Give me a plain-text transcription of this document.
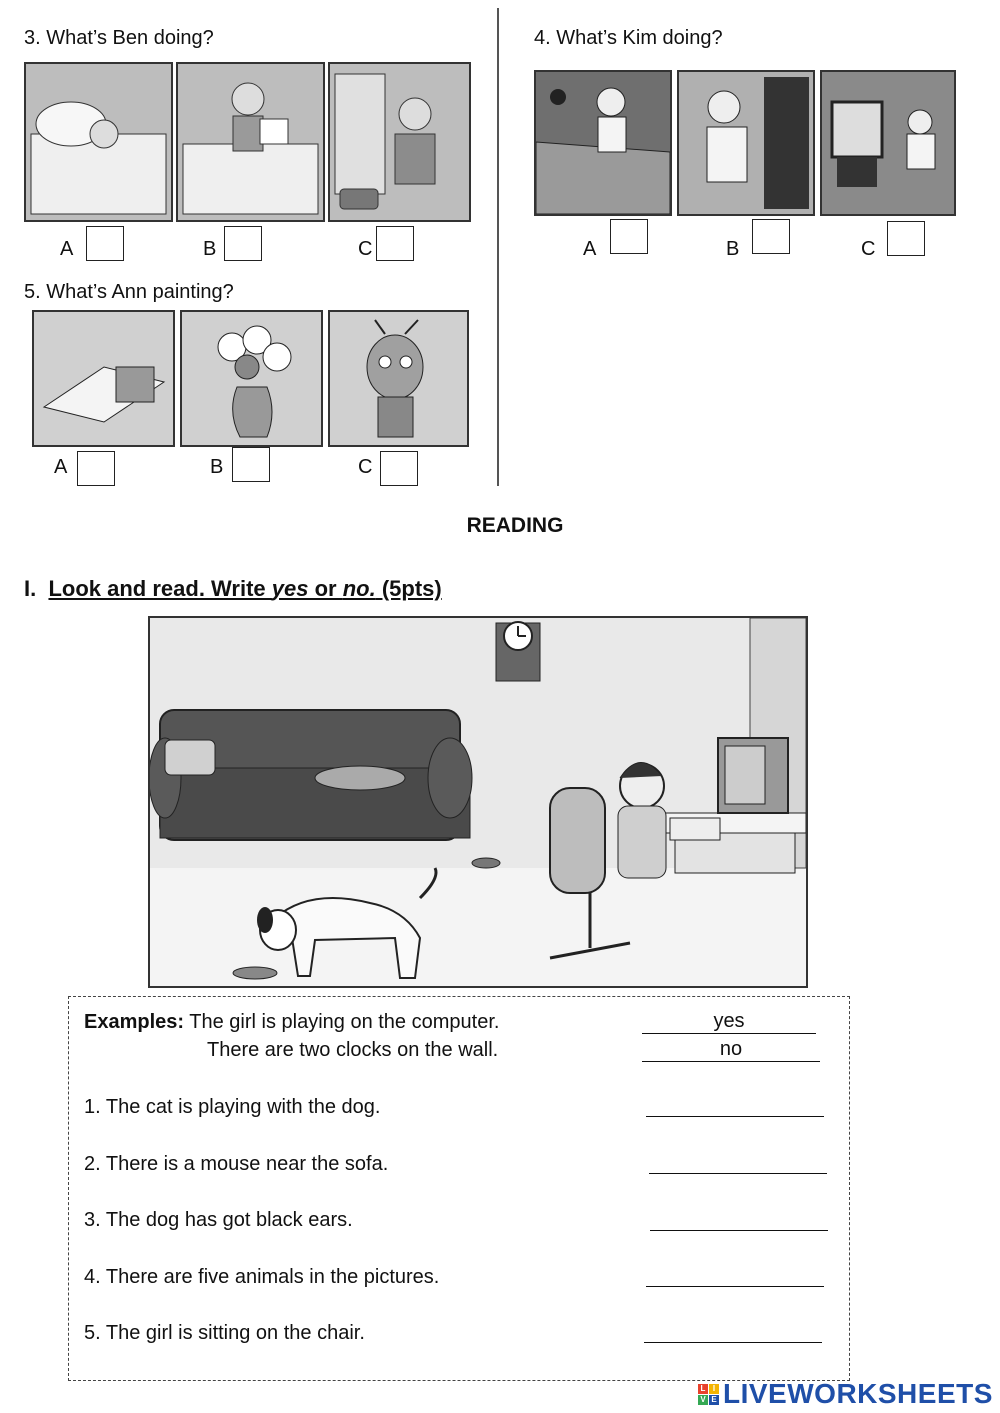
3. What’s Ben doing?
A	B	C
4. What’s Kim doing?
A	B	C
5. What’s Ann painting?
A	B	C
READING
I. Look and read. Write yes or no. (5pts)
Examples: The girl is playing on the computer.	yes
There are two clocks on the wall.	no
1. The cat is playing with the dog.
2. There is a mouse near the sofa.
3. The dog has got black ears.
4. There are five animals in the pictures.
5. The girl is sitting on the chair.
L I
V E LIVEWORKSHEETS
